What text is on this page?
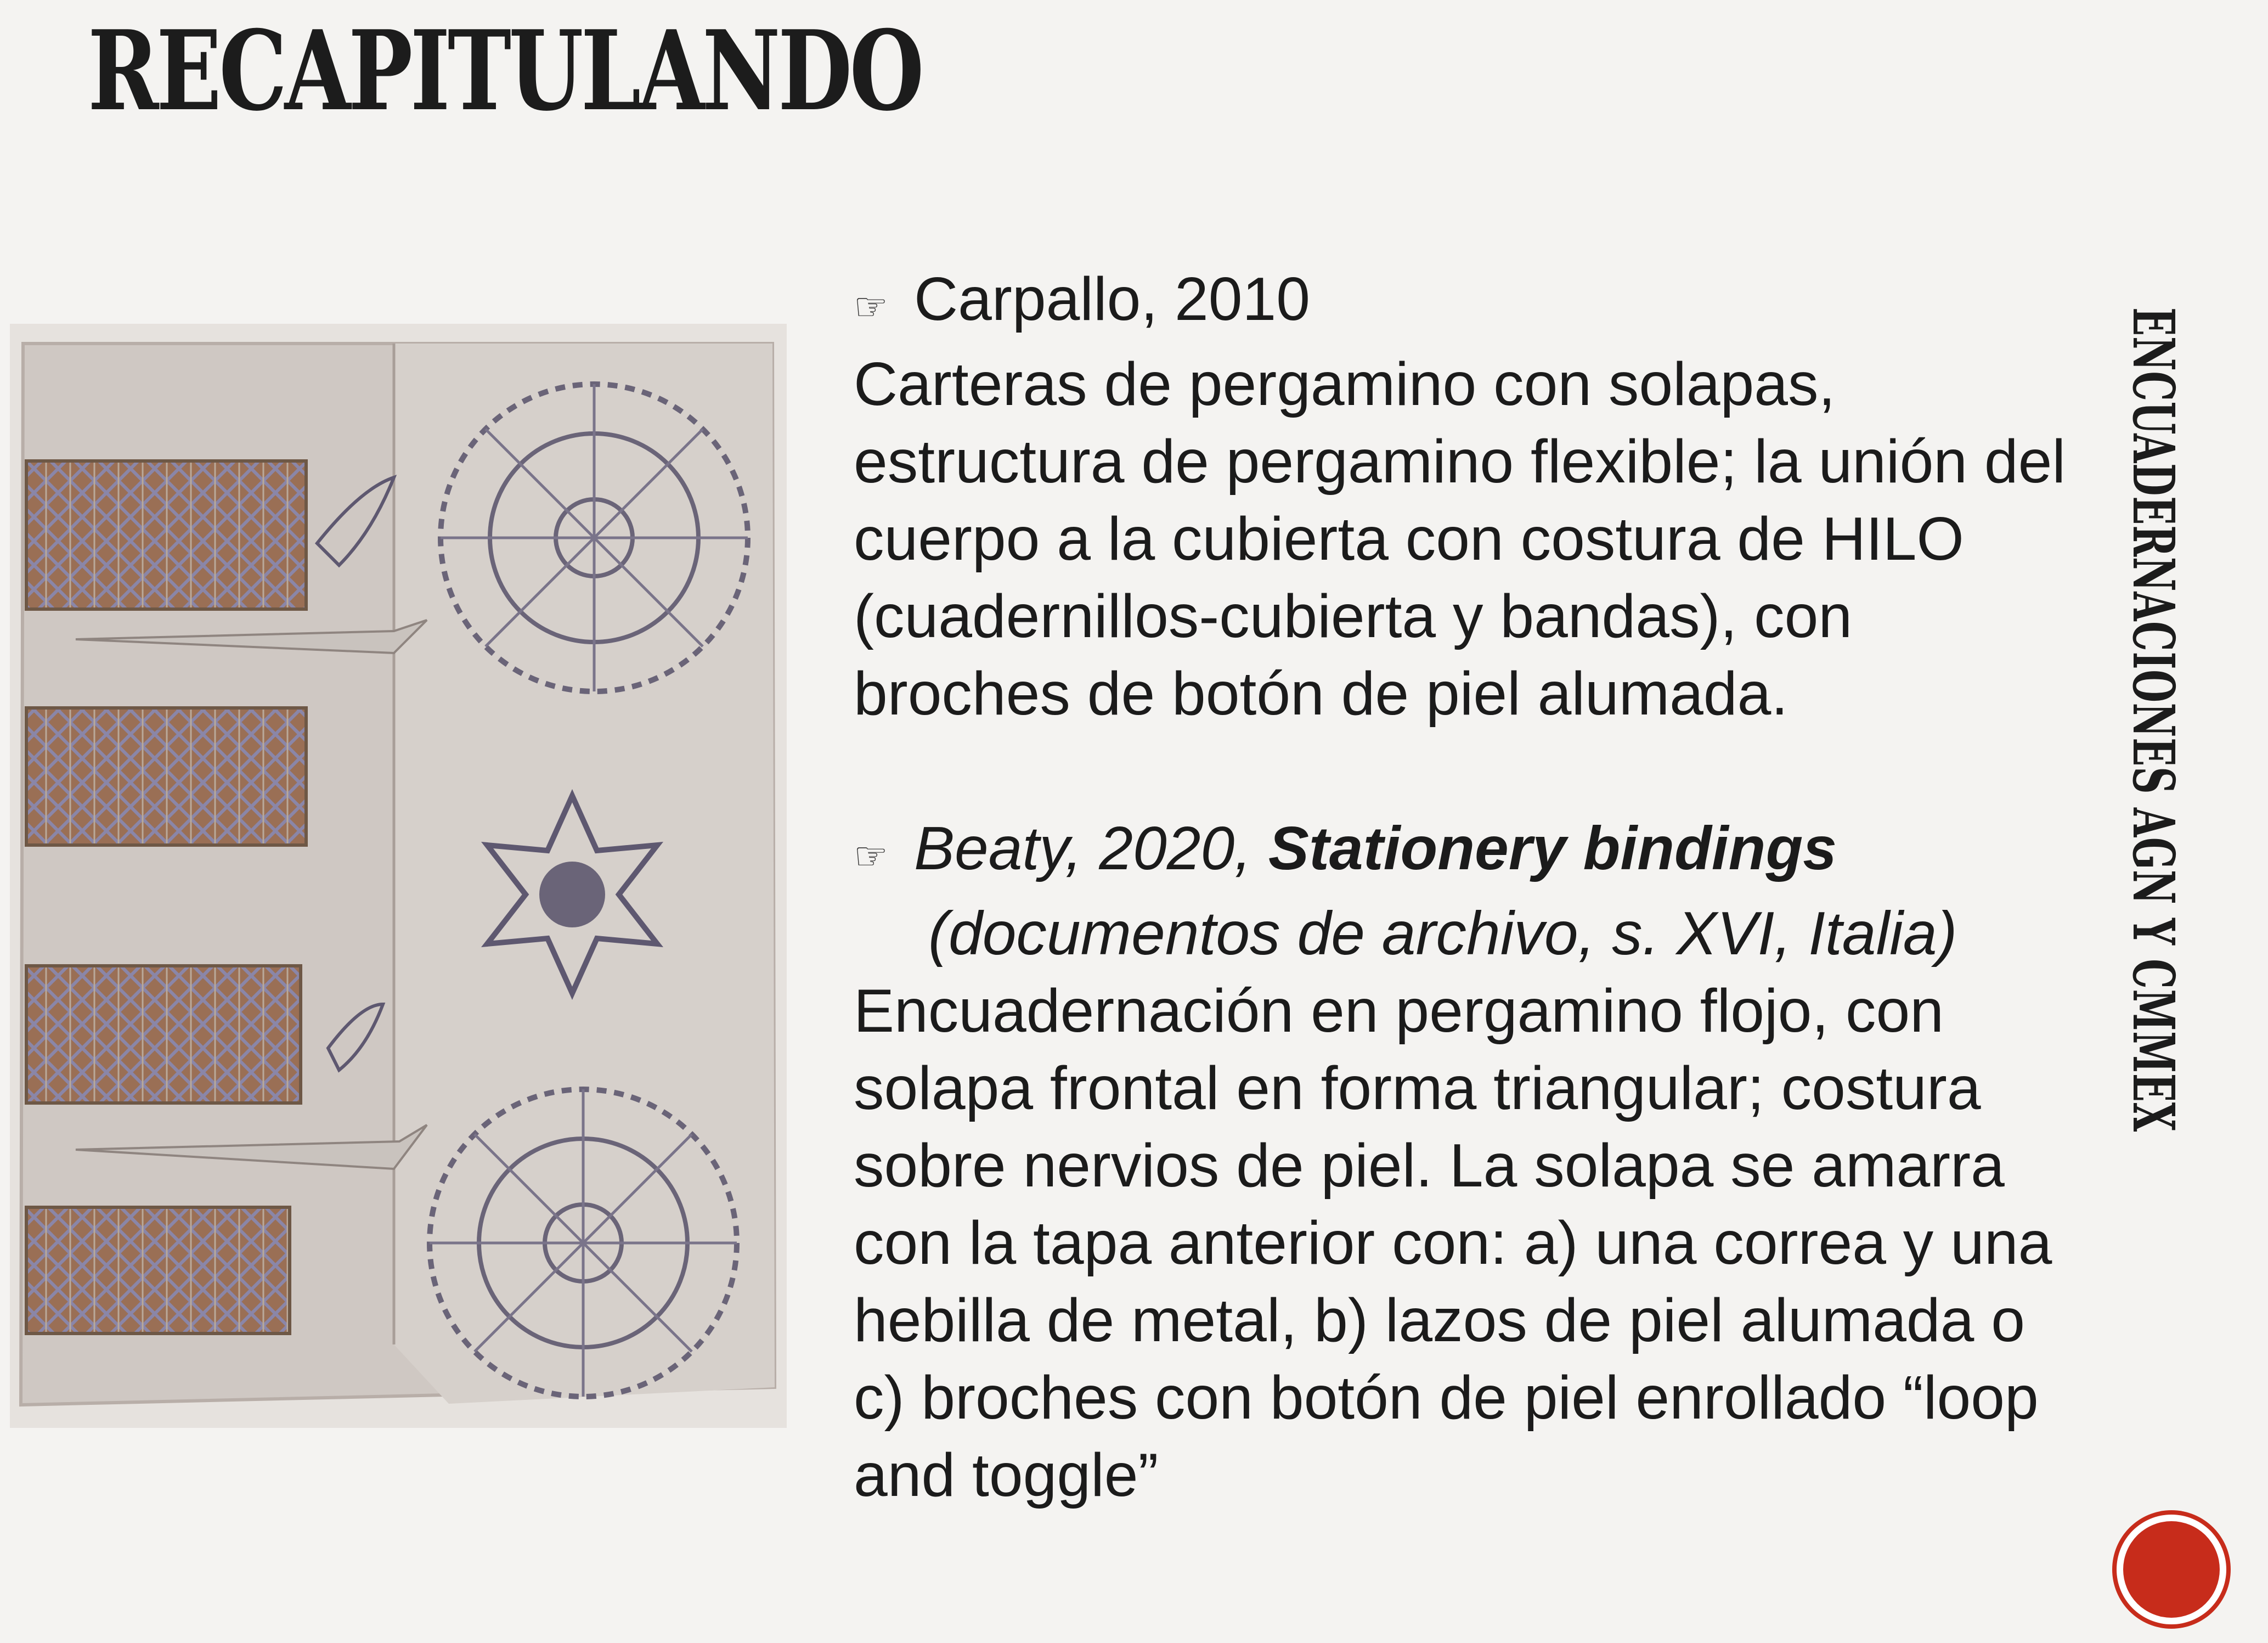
RECAPITULANDO

☞ Carpallo, 2010

Carteras de pergamino con solapas, estructura de pergamino flexible; la unión del cuerpo a la cubierta con costura de HILO (cuadernillos-cubierta y bandas), con broches de botón de piel alumada.

☞ Beaty, 2020, Stationery bindings

(documentos de archivo, s. XVI, Italia)

Encuadernación en pergamino flojo, con solapa frontal en forma triangular; costura sobre nervios de piel. La solapa se amarra con la tapa anterior con: a) una correa y una hebilla de metal, b) lazos de piel alumada o c) broches con botón de piel enrollado “loop and toggle”

ENCUADERNACIONES AGN Y CMMEX
